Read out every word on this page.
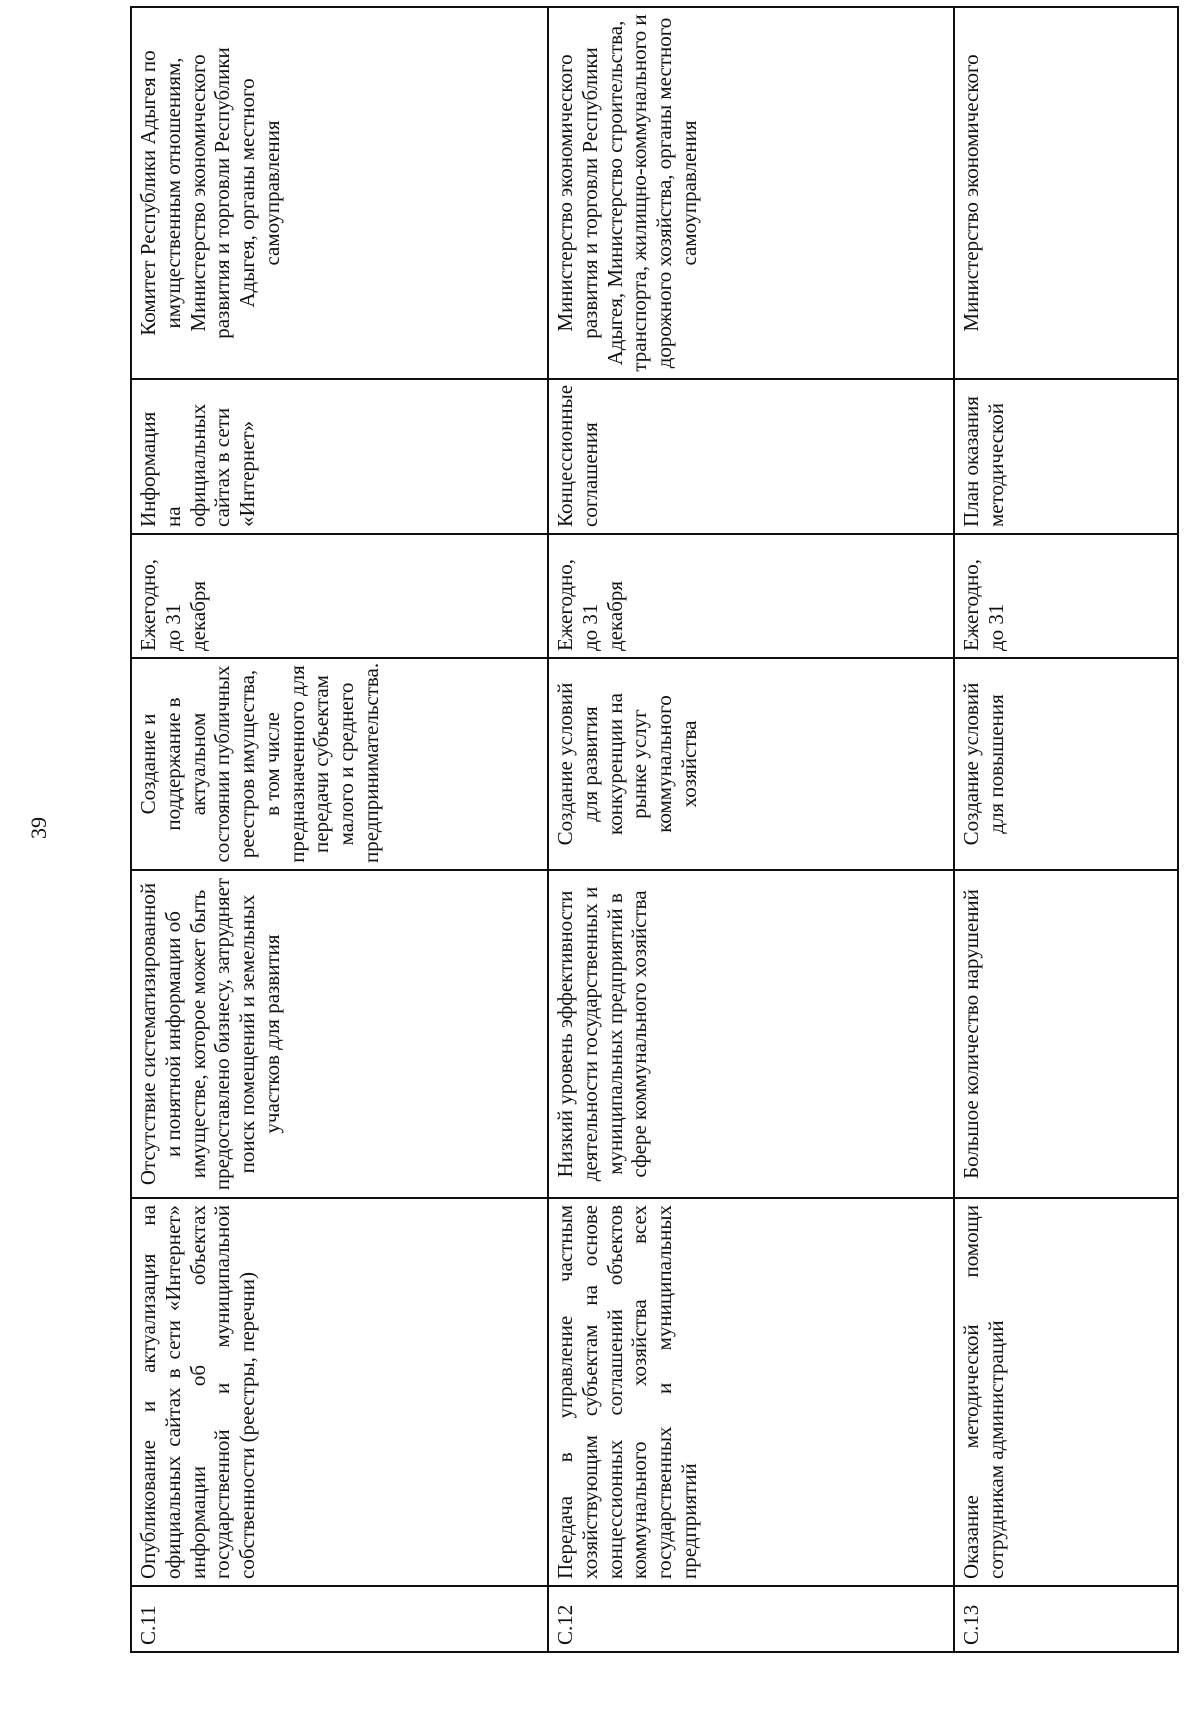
39
С.11	Опубликование и актуализация на официальных сайтах в сети «Интернет» информации об объектах государственной и муниципальной собственности (реестры, перечни)	Отсутствие систематизированной и понятной информации об имуществе, которое может быть предоставлено бизнесу, затрудняет поиск помещений и земельных участков для развития	Создание и поддержание в актуальном состоянии публичных реестров имущества, в том числе предназначенного для передачи субъектам малого и среднего предпринимательства.	Ежегодно, до 31 декабря	Информация на официальных сайтах в сети «Интернет»	Комитет Республики Адыгея по имущественным отношениям, Министерство экономического развития и торговли Республики Адыгея, органы местного самоуправления
С.12	Передача в управление частным хозяйствующим субъектам на основе концессионных соглашений объектов коммунального хозяйства всех государственных и муниципальных предприятий	Низкий уровень эффективности деятельности государственных и муниципальных предприятий в сфере коммунального хозяйства	Создание условий для развития конкуренции на рынке услуг коммунального хозяйства	Ежегодно, до 31 декабря	Концессионные соглашения	Министерство экономического развития и торговли Республики Адыгея, Министерство строительства, транспорта, жилищно-коммунального и дорожного хозяйства, органы местного самоуправления
С.13	Оказание методической помощи сотрудникам администраций	Большое количество нарушений	Создание условий для повышения	Ежегодно, до 31	План оказания методической	Министерство экономического
